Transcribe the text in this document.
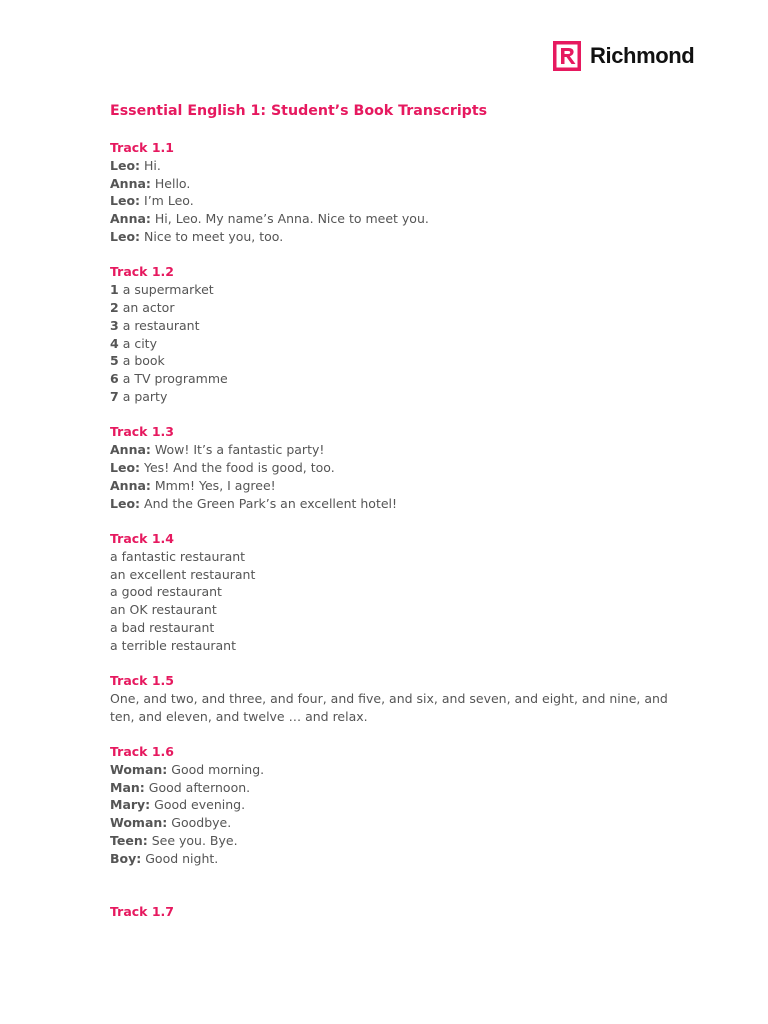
Richmond
Essential English 1: Student’s Book Transcripts
Track 1.1
Leo: Hi.
Anna: Hello.
Leo: I’m Leo.
Anna: Hi, Leo. My name’s Anna. Nice to meet you.
Leo: Nice to meet you, too.
Track 1.2
1 a supermarket
2 an actor
3 a restaurant
4 a city
5 a book
6 a TV programme
7 a party
Track 1.3
Anna: Wow! It’s a fantastic party!
Leo: Yes! And the food is good, too.
Anna: Mmm! Yes, I agree!
Leo: And the Green Park’s an excellent hotel!
Track 1.4
a fantastic restaurant
an excellent restaurant
a good restaurant
an OK restaurant
a bad restaurant
a terrible restaurant
Track 1.5
One, and two, and three, and four, and five, and six, and seven, and eight, and nine, and ten, and eleven, and twelve … and relax.
Track 1.6
Woman: Good morning.
Man: Good afternoon.
Mary: Good evening.
Woman: Goodbye.
Teen: See you. Bye.
Boy: Good night.
Track 1.7
